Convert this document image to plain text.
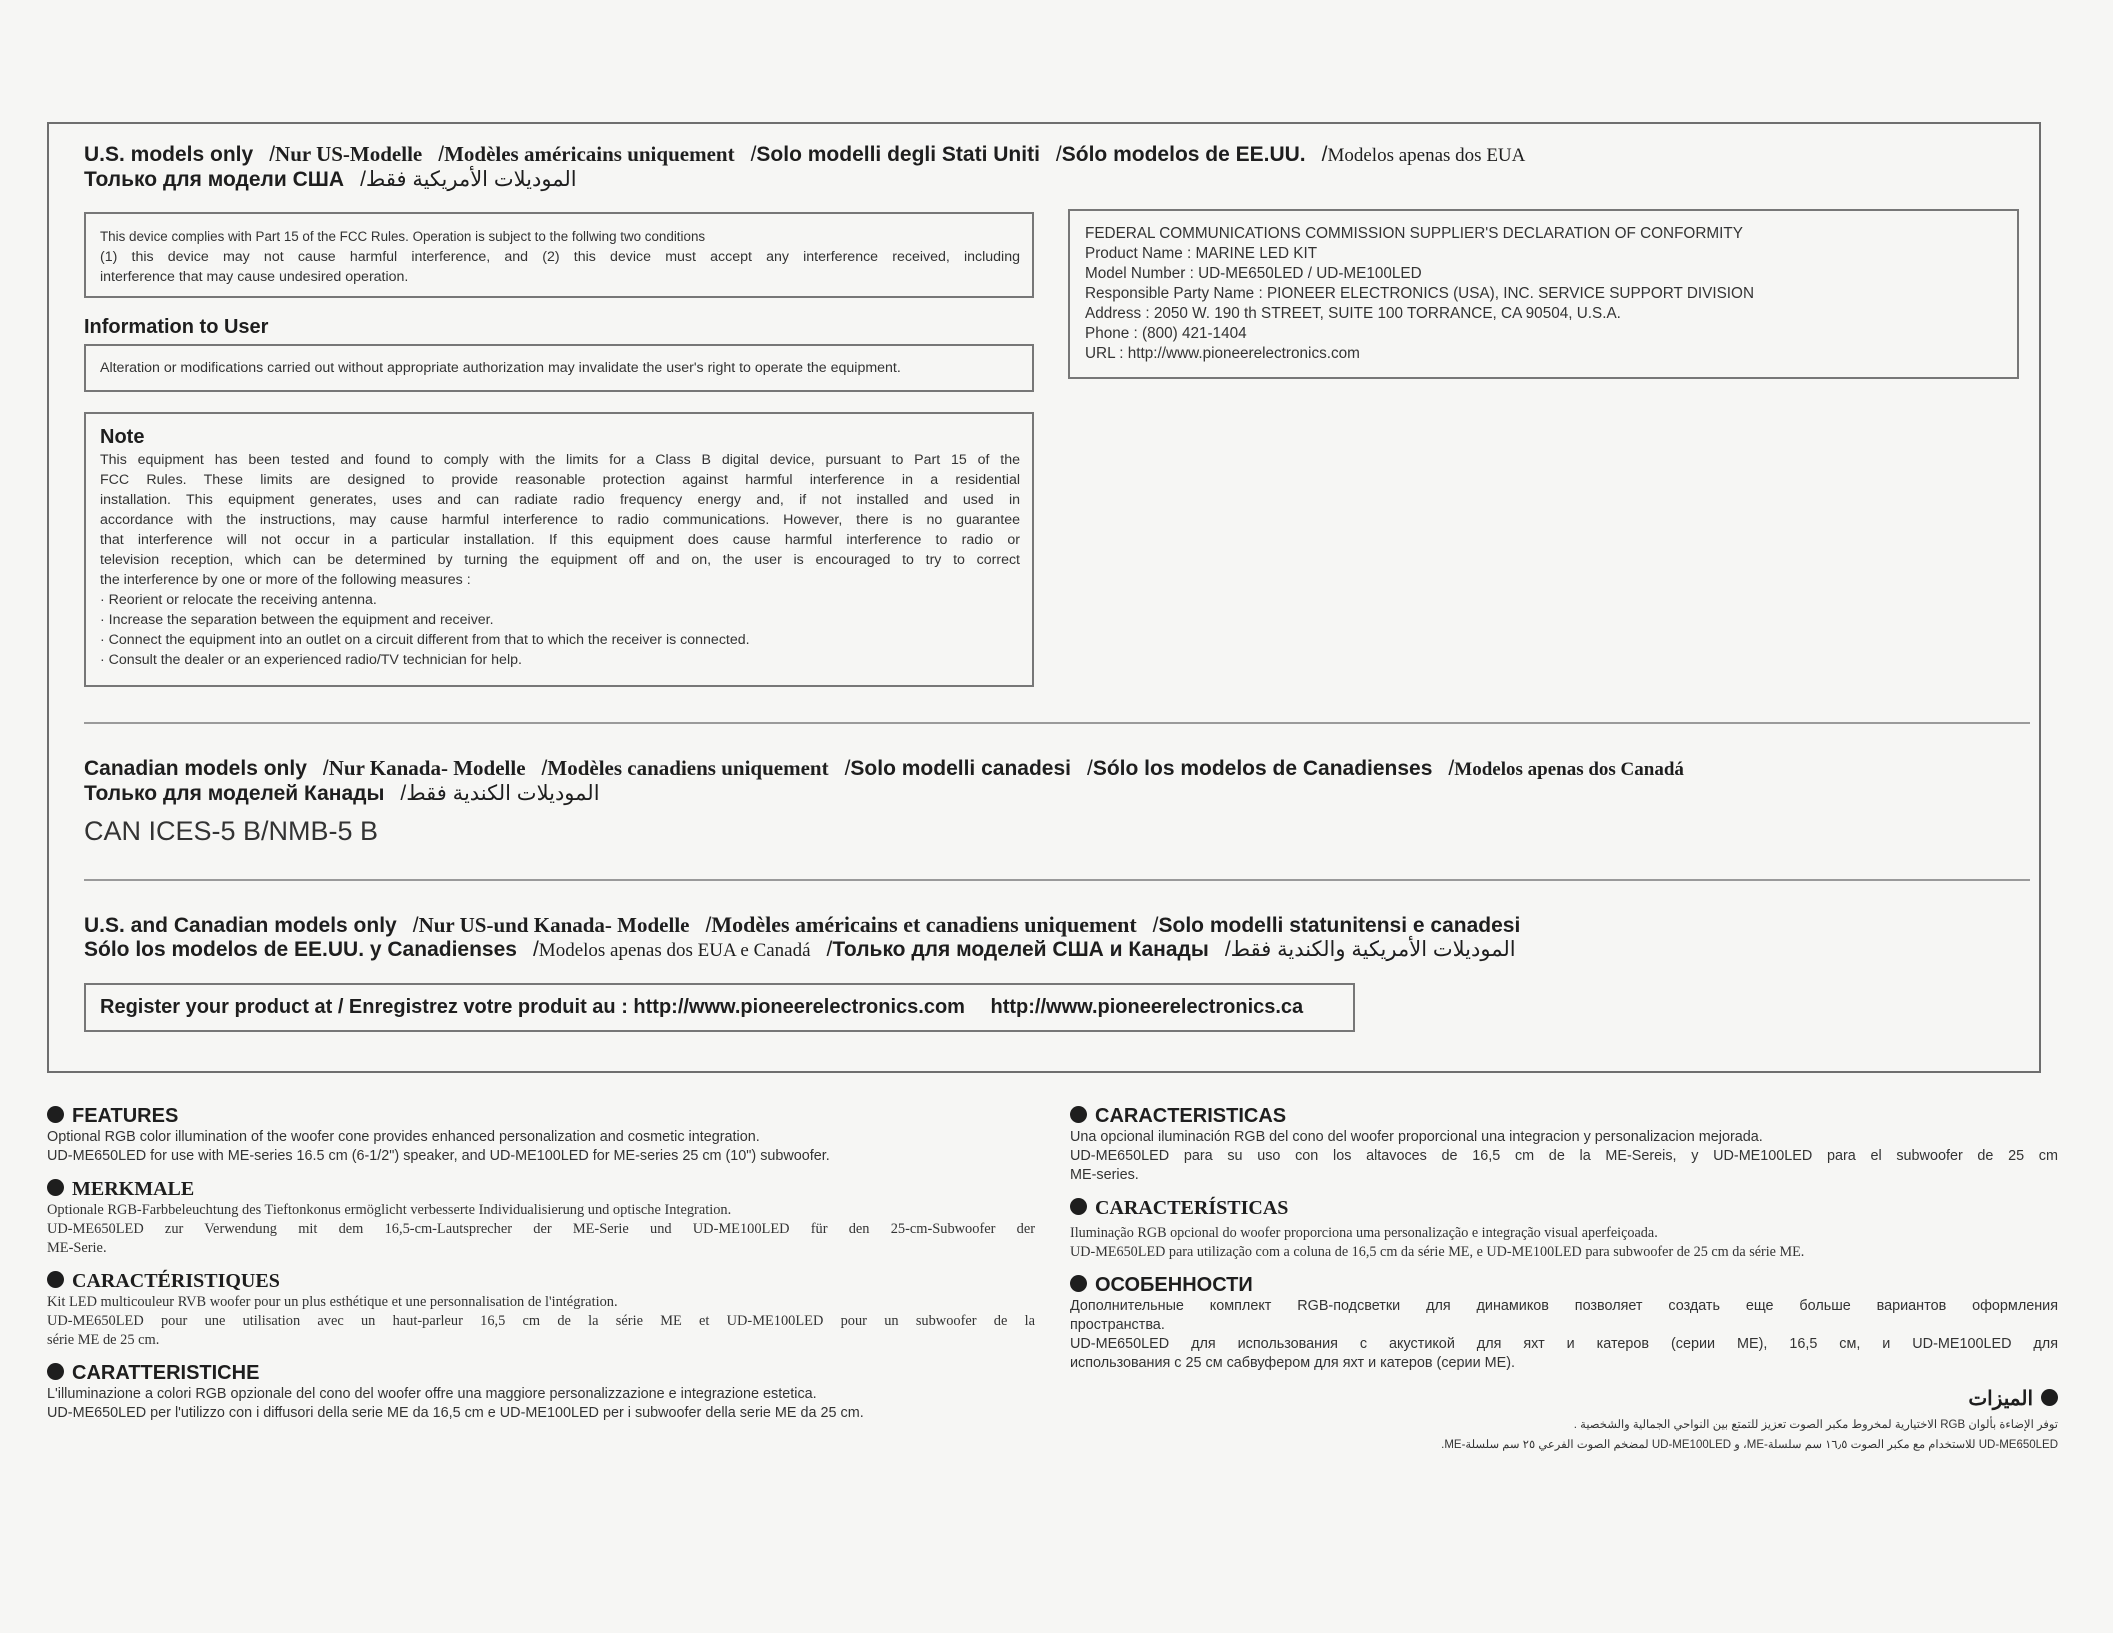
U.S. models only /Nur US-Modelle /Modèles américains uniquement /Solo modelli degli Stati Uniti /Sólo modelos de EE.UU. /Modelos apenas dos EUA
Только для модели США /الموديلات الأمريكية فقط
This device complies with Part 15 of the FCC Rules. Operation is subject to the follwing two conditions
(1) this device may not cause harmful interference, and (2) this device must accept any interference received, including
interference that may cause undesired operation.
Information to User
Alteration or modifications carried out without appropriate authorization may invalidate the user's right to operate the equipment.
FEDERAL COMMUNICATIONS COMMISSION SUPPLIER'S DECLARATION OF CONFORMITY
Product Name : MARINE LED KIT
Model Number : UD-ME650LED / UD-ME100LED
Responsible Party Name : PIONEER ELECTRONICS (USA), INC. SERVICE SUPPORT DIVISION
Address : 2050 W. 190 th STREET, SUITE 100 TORRANCE, CA 90504, U.S.A.
Phone : (800) 421-1404
URL : http://www.pioneerelectronics.com
Note
This equipment has been tested and found to comply with the limits for a Class B digital device, pursuant to Part 15 of the
FCC Rules. These limits are designed to provide reasonable protection against harmful interference in a residential
installation. This equipment generates, uses and can radiate radio frequency energy and, if not installed and used in
accordance with the instructions, may cause harmful interference to radio communications. However, there is no guarantee
that interference will not occur in a particular installation. If this equipment does cause harmful interference to radio or
television reception, which can be determined by turning the equipment off and on, the user is encouraged to try to correct
the interference by one or more of the following measures :
· Reorient or relocate the receiving antenna.
· Increase the separation between the equipment and receiver.
· Connect the equipment into an outlet on a circuit different from that to which the receiver is connected.
· Consult the dealer or an experienced radio/TV technician for help.
Canadian models only /Nur Kanada- Modelle /Modèles canadiens uniquement /Solo modelli canadesi /Sólo los modelos de Canadienses /Modelos apenas dos Canadá
Только для моделей Канады /الموديلات الكندية فقط
CAN ICES-5 B/NMB-5 B
U.S. and Canadian models only /Nur US-und Kanada- Modelle /Modèles américains et canadiens uniquement /Solo modelli statunitensi e canadesi
Sólo los modelos de EE.UU. y Canadienses /Modelos apenas dos EUA e Canadá /Только для моделей США и Канады /الموديلات الأمريكية والكندية فقط
Register your product at / Enregistrez votre produit au : http://www.pioneerelectronics.com http://www.pioneerelectronics.ca
FEATURES
Optional RGB color illumination of the woofer cone provides enhanced personalization and cosmetic integration.
UD-ME650LED for use with ME-series 16.5 cm (6-1/2") speaker, and UD-ME100LED for ME-series 25 cm (10") subwoofer.
MERKMALE
Optionale RGB-Farbbeleuchtung des Tieftonkonus ermöglicht verbesserte Individualisierung und optische Integration.
UD-ME650LED zur Verwendung mit dem 16,5-cm-Lautsprecher der ME-Serie und UD-ME100LED für den 25-cm-Subwoofer der
ME-Serie.
CARACTÉRISTIQUES
Kit LED multicouleur RVB woofer pour un plus esthétique et une personnalisation de l'intégration.
UD-ME650LED pour une utilisation avec un haut-parleur 16,5 cm de la série ME et UD-ME100LED pour un subwoofer de la
série ME de 25 cm.
CARATTERISTICHE
L'illuminazione a colori RGB opzionale del cono del woofer offre una maggiore personalizzazione e integrazione estetica.
UD-ME650LED per l'utilizzo con i diffusori della serie ME da 16,5 cm e UD-ME100LED per i subwoofer della serie ME da 25 cm.
CARACTERISTICAS
Una opcional iluminación RGB del cono del woofer proporcional una integracion y personalizacion mejorada.
UD-ME650LED para su uso con los altavoces de 16,5 cm de la ME-Sereis, y UD-ME100LED para el subwoofer de 25 cm
ME-series.
CARACTERÍSTICAS
Iluminação RGB opcional do woofer proporciona uma personalização e integração visual aperfeiçoada.
UD-ME650LED para utilização com a coluna de 16,5 cm da série ME, e UD-ME100LED para subwoofer de 25 cm da série ME.
ОСОБЕННОСТИ
Дополнительные комплект RGB-подсветки для динамиков позволяет создать еще больше вариантов оформления
пространства.
UD-ME650LED для использования с акустикой для яхт и катеров (серии ME), 16,5 см, и UD-ME100LED для
использования с 25 см сабвуфером для яхт и катеров (серии ME).
الميزات
توفر الإضاءة بألوان RGB الاختيارية لمخروط مكبر الصوت تعزيز للتمتع بين النواحي الجمالية والشخصية .
UD-ME650LED للاستخدام مع مكبر الصوت ١٦٫٥ سم سلسلة-ME، و UD-ME100LED لمضخم الصوت الفرعي ٢٥ سم سلسلة-ME.
